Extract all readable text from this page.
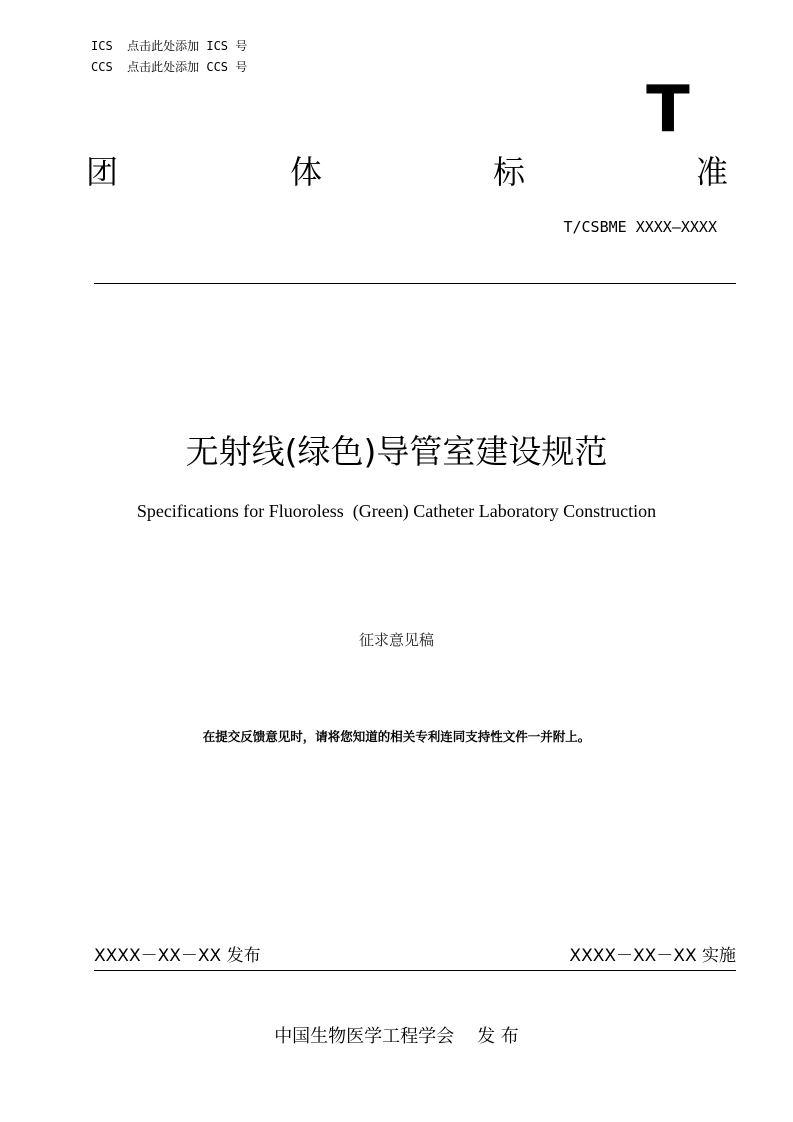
ICS  点击此处添加 ICS 号
CCS  点击此处添加 CCS 号
T
团	体	标	准
T/CSBME XXXX—XXXX
无射线(绿色)导管室建设规范
Specifications for Fluoroless  (Green) Catheter Laboratory Construction
征求意见稿
在提交反馈意见时，请将您知道的相关专利连同支持性文件一并附上。
XXXX－XX－XX 发布	XXXX－XX－XX 实施
中国生物医学工程学会    发 布
